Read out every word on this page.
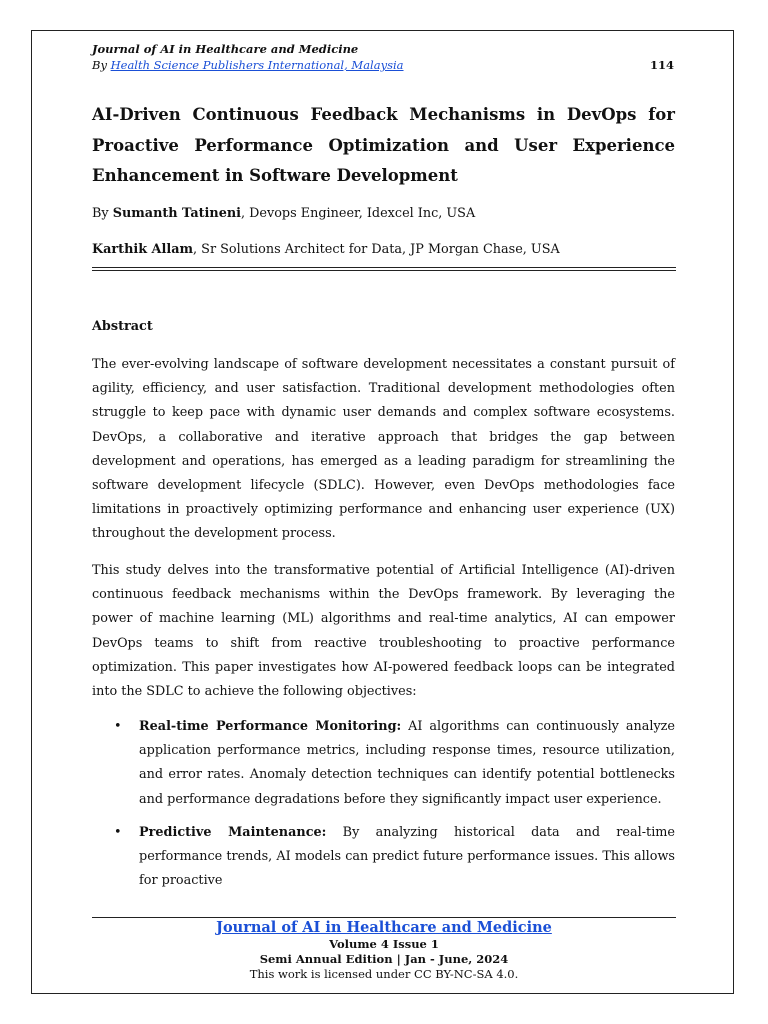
Journal of AI in Healthcare and Medicine
By Health Science Publishers International, Malaysia	114
AI-Driven Continuous Feedback Mechanisms in DevOps for Proactive Performance Optimization and User Experience Enhancement in Software Development
By Sumanth Tatineni, Devops Engineer, Idexcel Inc, USA
Karthik Allam, Sr Solutions Architect for Data, JP Morgan Chase, USA
Abstract

The ever-evolving landscape of software development necessitates a constant pursuit of agility, efficiency, and user satisfaction. Traditional development methodologies often struggle to keep pace with dynamic user demands and complex software ecosystems. DevOps, a collaborative and iterative approach that bridges the gap between development and operations, has emerged as a leading paradigm for streamlining the software development lifecycle (SDLC). However, even DevOps methodologies face limitations in proactively optimizing performance and enhancing user experience (UX) throughout the development process.

This study delves into the transformative potential of Artificial Intelligence (AI)-driven continuous feedback mechanisms within the DevOps framework. By leveraging the power of machine learning (ML) algorithms and real-time analytics, AI can empower DevOps teams to shift from reactive troubleshooting to proactive performance optimization. This paper investigates how AI-powered feedback loops can be integrated into the SDLC to achieve the following objectives:

• Real-time Performance Monitoring: AI algorithms can continuously analyze application performance metrics, including response times, resource utilization, and error rates. Anomaly detection techniques can identify potential bottlenecks and performance degradations before they significantly impact user experience.
• Predictive Maintenance: By analyzing historical data and real-time performance trends, AI models can predict future performance issues. This allows for proactive
Journal of AI in Healthcare and Medicine
Volume 4 Issue 1
Semi Annual Edition | Jan - June, 2024
This work is licensed under CC BY-NC-SA 4.0.
